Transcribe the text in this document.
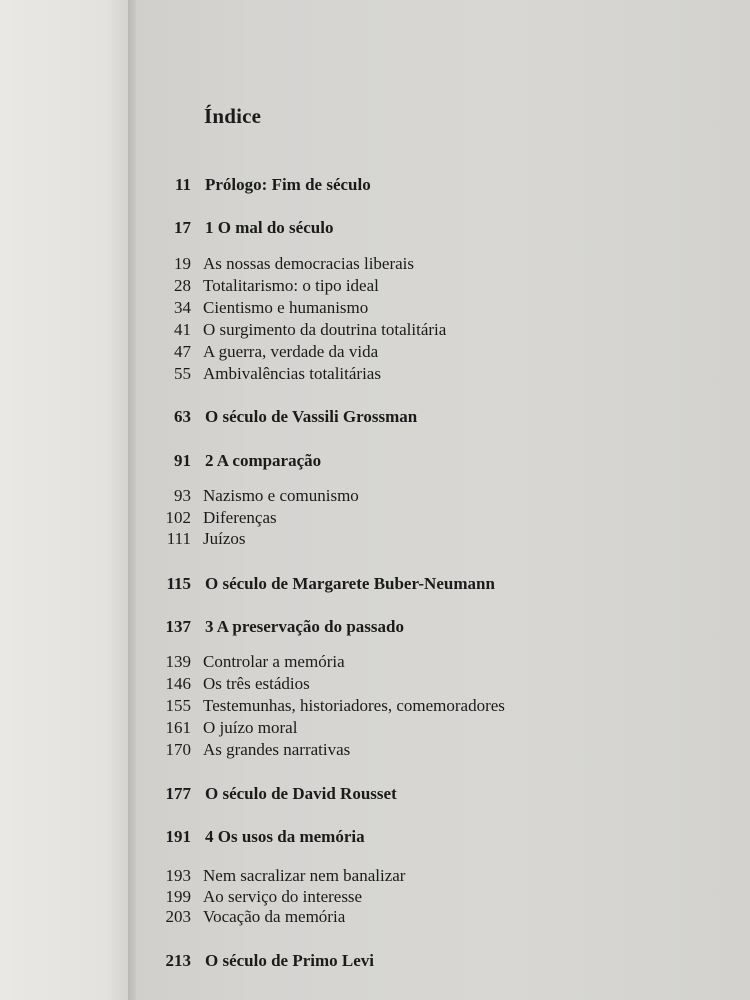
Índice
11 Prólogo: Fim de século
17 1 O mal do século
19 As nossas democracias liberais
28 Totalitarismo: o tipo ideal
34 Cientismo e humanismo
41 O surgimento da doutrina totalitária
47 A guerra, verdade da vida
55 Ambivalências totalitárias
63 O século de Vassili Grossman
91 2 A comparação
93 Nazismo e comunismo
102 Diferenças
111 Juízos
115 O século de Margarete Buber-Neumann
137 3 A preservação do passado
139 Controlar a memória
146 Os três estádios
155 Testemunhas, historiadores, comemoradores
161 O juízo moral
170 As grandes narrativas
177 O século de David Rousset
191 4 Os usos da memória
193 Nem sacralizar nem banalizar
199 Ao serviço do interesse
203 Vocação da memória
213 O século de Primo Levi
